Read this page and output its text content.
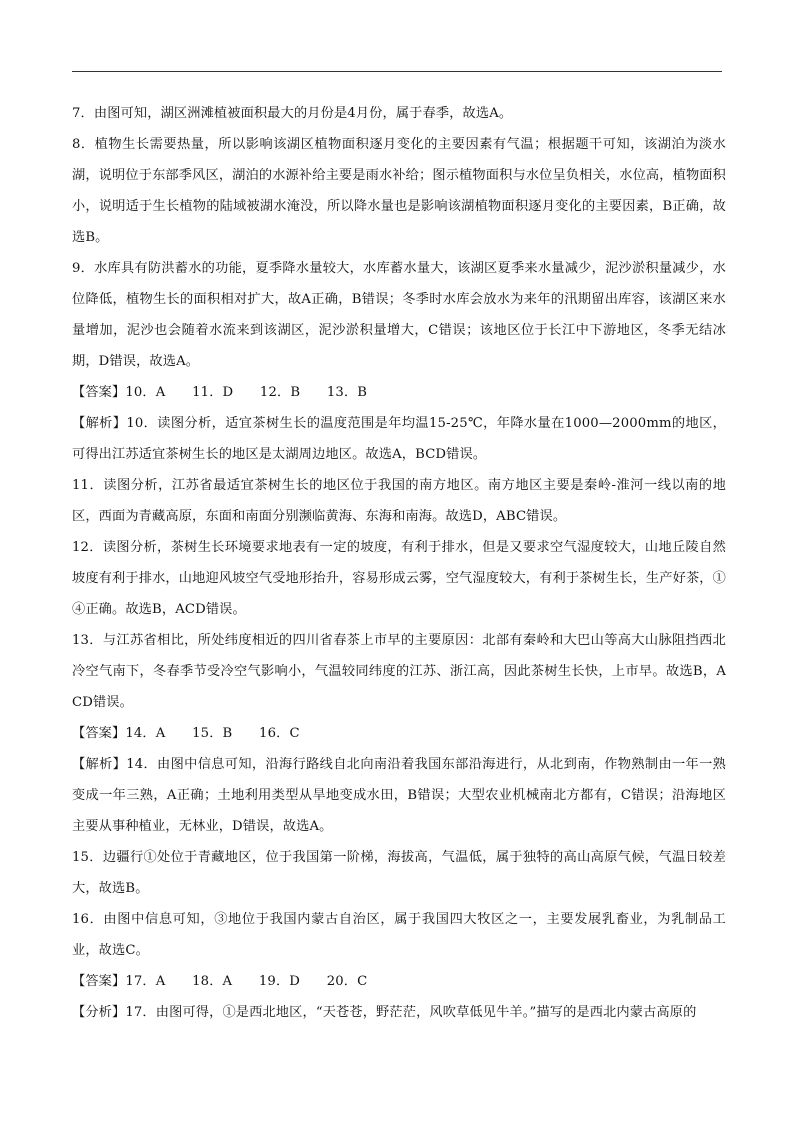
7．由图可知，湖区洲滩植被面积最大的月份是4月份，属于春季，故选A。

8．植物生长需要热量，所以影响该湖区植物面积逐月变化的主要因素有气温；根据题干可知，该湖泊为淡水湖，说明位于东部季风区，湖泊的水源补给主要是雨水补给；图示植物面积与水位呈负相关，水位高，植物面积小，说明适于生长植物的陆域被湖水淹没，所以降水量也是影响该湖植物面积逐月变化的主要因素，B正确，故选B。

9．水库具有防洪蓄水的功能，夏季降水量较大，水库蓄水量大，该湖区夏季来水量减少，泥沙淤积量减少，水位降低，植物生长的面积相对扩大，故A正确，B错误；冬季时水库会放水为来年的汛期留出库容，该湖区来水量增加，泥沙也会随着水流来到该湖区，泥沙淤积量增大，C错误；该地区位于长江中下游地区，冬季无结冰期，D错误，故选A。

【答案】10．A　　11．D　　12．B　　13．B

【解析】10．读图分析，适宜茶树生长的温度范围是年均温15-25℃，年降水量在1000—2000mm的地区，可得出江苏适宜茶树生长的地区是太湖周边地区。故选A，BCD错误。

11．读图分析，江苏省最适宜茶树生长的地区位于我国的南方地区。南方地区主要是秦岭-淮河一线以南的地区，西面为青藏高原，东面和南面分别濒临黄海、东海和南海。故选D，ABC错误。

12．读图分析，茶树生长环境要求地表有一定的坡度，有利于排水，但是又要求空气湿度较大，山地丘陵自然坡度有利于排水，山地迎风坡空气受地形抬升，容易形成云雾，空气湿度较大，有利于茶树生长，生产好茶，①④正确。故选B，ACD错误。

13．与江苏省相比，所处纬度相近的四川省春茶上市早的主要原因：北部有秦岭和大巴山等高大山脉阻挡西北冷空气南下，冬春季节受冷空气影响小，气温较同纬度的江苏、浙江高，因此茶树生长快，上市早。故选B，ACD错误。

【答案】14．A　　15．B　　16．C

【解析】14．由图中信息可知，沿海行路线自北向南沿着我国东部沿海进行，从北到南，作物熟制由一年一熟变成一年三熟，A正确；土地利用类型从旱地变成水田，B错误；大型农业机械南北方都有，C错误；沿海地区主要从事种植业，无林业，D错误，故选A。

15．边疆行①处位于青藏地区，位于我国第一阶梯，海拔高，气温低，属于独特的高山高原气候，气温日较差大，故选B。

16．由图中信息可知，③地位于我国内蒙古自治区，属于我国四大牧区之一，主要发展乳畜业，为乳制品工业，故选C。

【答案】17．A　　18．A　　19．D　　20．C

【分析】17．由图可得，①是西北地区，“天苍苍，野茫茫，风吹草低见牛羊。”描写的是西北内蒙古高原的
